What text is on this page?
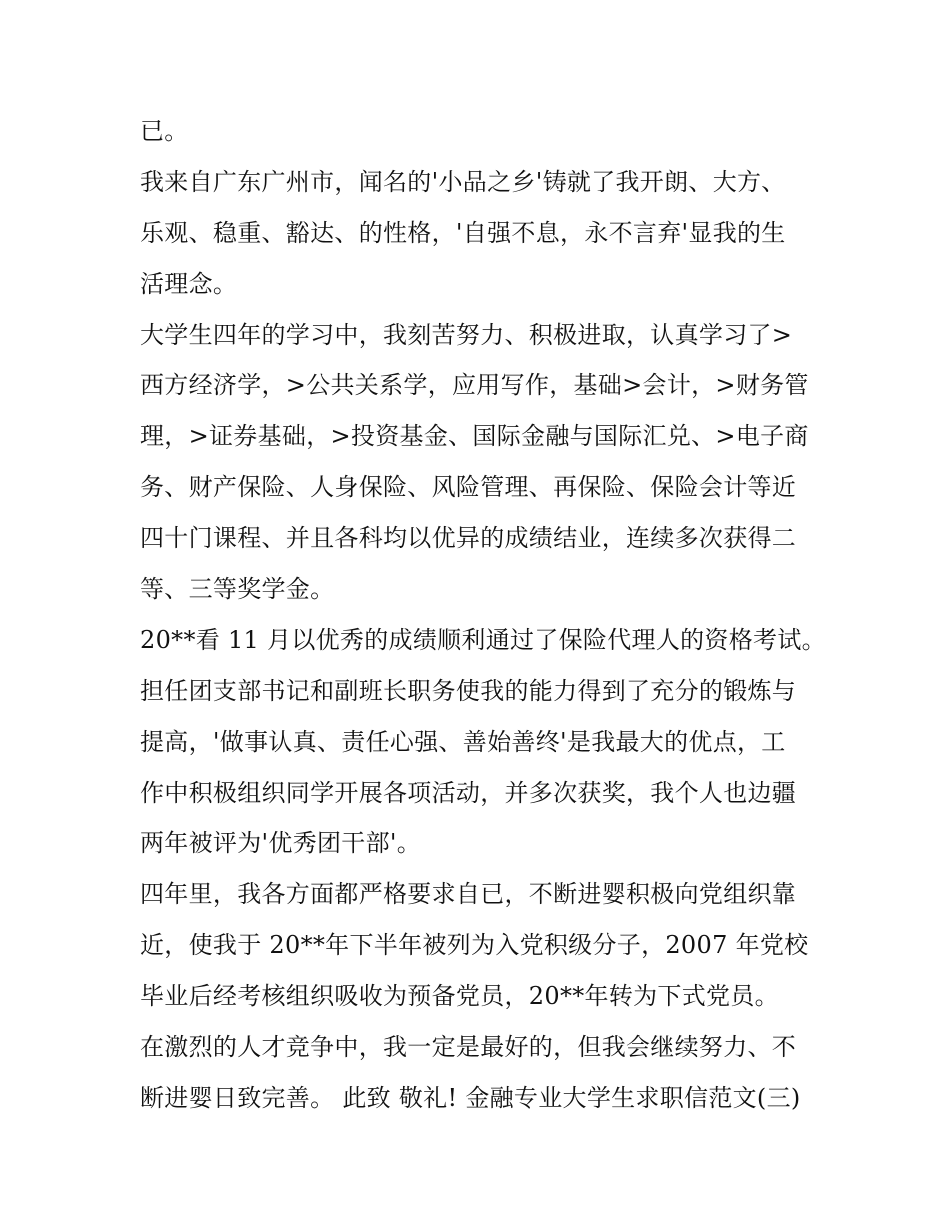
已。
我来自广东广州市，闻名的'小品之乡'铸就了我开朗、大方、
乐观、稳重、豁达、的性格，'自强不息，永不言弃'显我的生
活理念。
大学生四年的学习中，我刻苦努力、积极进取，认真学习了>
西方经济学，>公共关系学，应用写作，基础>会计，>财务管
理，>证券基础，>投资基金、国际金融与国际汇兑、>电子商
务、财产保险、人身保险、风险管理、再保险、保险会计等近
四十门课程、并且各科均以优异的成绩结业，连续多次获得二
等、三等奖学金。
20**看 11 月以优秀的成绩顺利通过了保险代理人的资格考试。
担任团支部书记和副班长职务使我的能力得到了充分的锻炼与
提高，'做事认真、责任心强、善始善终'是我最大的优点，工
作中积极组织同学开展各项活动，并多次获奖，我个人也边疆
两年被评为'优秀团干部'。
四年里，我各方面都严格要求自已，不断进婴积极向党组织靠
近，使我于 20**年下半年被列为入党积级分子，2007 年党校
毕业后经考核组织吸收为预备党员，20**年转为下式党员。
在激烈的人才竞争中，我一定是最好的，但我会继续努力、不
断进婴日致完善。 此致 敬礼! 金融专业大学生求职信范文(三)
